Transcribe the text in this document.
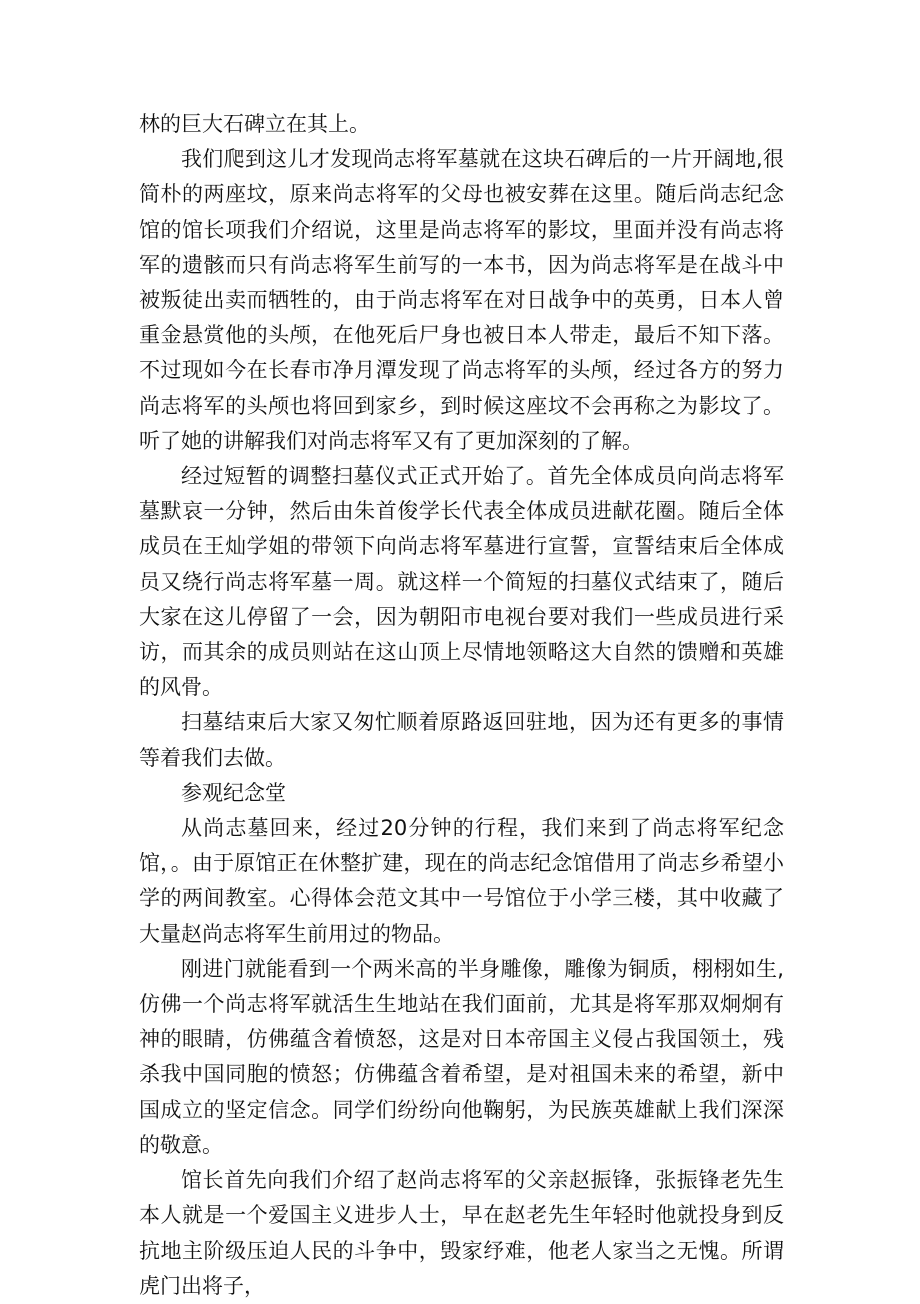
林的巨大石碑立在其上。

我们爬到这儿才发现尚志将军墓就在这块石碑后的一片开阔地,很简朴的两座坟，原来尚志将军的父母也被安葬在这里。随后尚志纪念馆的馆长项我们介绍说，这里是尚志将军的影坟，里面并没有尚志将军的遗骸而只有尚志将军生前写的一本书，因为尚志将军是在战斗中被叛徒出卖而牺牲的，由于尚志将军在对日战争中的英勇，日本人曾重金悬赏他的头颅，在他死后尸身也被日本人带走，最后不知下落。不过现如今在长春市净月潭发现了尚志将军的头颅，经过各方的努力尚志将军的头颅也将回到家乡，到时候这座坟不会再称之为影坟了。听了她的讲解我们对尚志将军又有了更加深刻的了解。

经过短暂的调整扫墓仪式正式开始了。首先全体成员向尚志将军墓默哀一分钟，然后由朱首俊学长代表全体成员进献花圈。随后全体成员在王灿学姐的带领下向尚志将军墓进行宣誓，宣誓结束后全体成员又绕行尚志将军墓一周。就这样一个简短的扫墓仪式结束了，随后大家在这儿停留了一会，因为朝阳市电视台要对我们一些成员进行采访，而其余的成员则站在这山顶上尽情地领略这大自然的馈赠和英雄的风骨。

扫墓结束后大家又匆忙顺着原路返回驻地，因为还有更多的事情等着我们去做。

参观纪念堂

从尚志墓回来，经过20分钟的行程，我们来到了尚志将军纪念馆，。由于原馆正在休整扩建，现在的尚志纪念馆借用了尚志乡希望小学的两间教室。心得体会范文其中一号馆位于小学三楼，其中收藏了大量赵尚志将军生前用过的物品。

刚进门就能看到一个两米高的半身雕像，雕像为铜质，栩栩如生,仿佛一个尚志将军就活生生地站在我们面前，尤其是将军那双炯炯有神的眼睛，仿佛蕴含着愤怒，这是对日本帝国主义侵占我国领土，残杀我中国同胞的愤怒；仿佛蕴含着希望，是对祖国未来的希望，新中国成立的坚定信念。同学们纷纷向他鞠躬，为民族英雄献上我们深深的敬意。

馆长首先向我们介绍了赵尚志将军的父亲赵振锋，张振锋老先生本人就是一个爱国主义进步人士，早在赵老先生年轻时他就投身到反抗地主阶级压迫人民的斗争中，毁家纾难，他老人家当之无愧。所谓虎门出将子，
